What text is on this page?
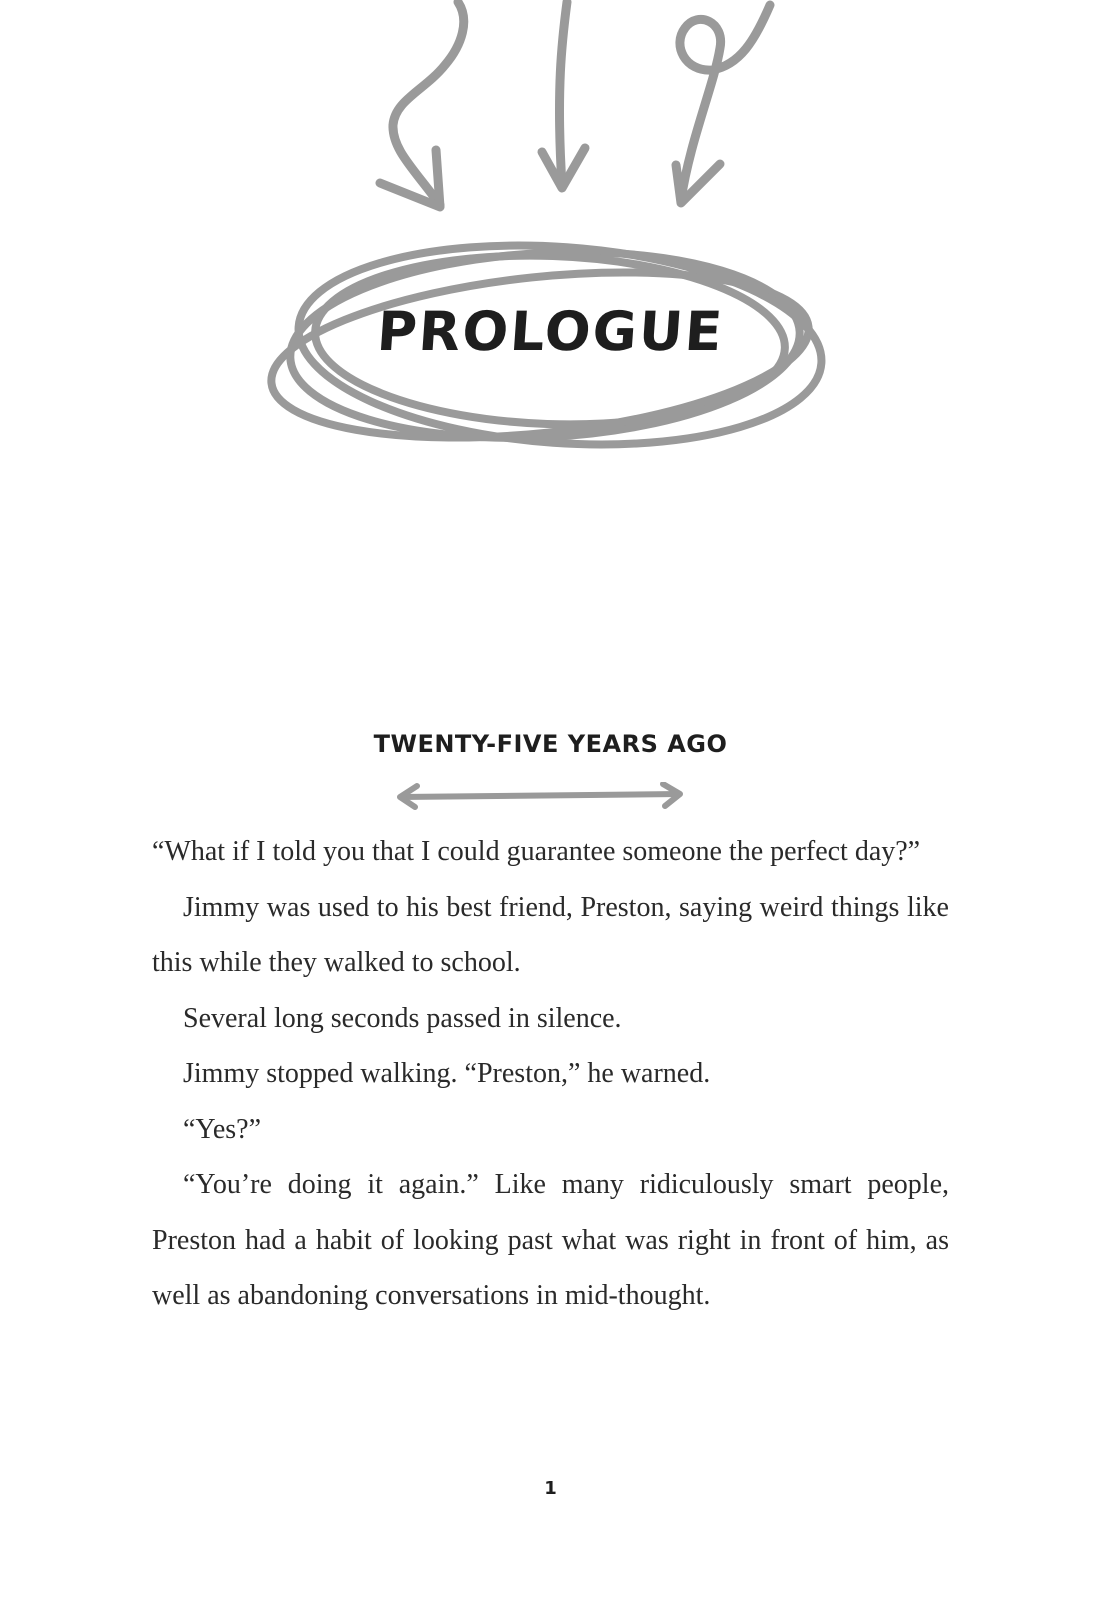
PROLOGUE
TWENTY-FIVE YEARS AGO

“What if I told you that I could guarantee someone the perfect day?”

Jimmy was used to his best friend, Preston, saying weird things like this while they walked to school.

Several long seconds passed in silence.

Jimmy stopped walking. “Preston,” he warned.

“Yes?”

“You’re doing it again.” Like many ridiculously smart people, Preston had a habit of looking past what was right in front of him, as well as abandoning conversations in mid-thought.

1
